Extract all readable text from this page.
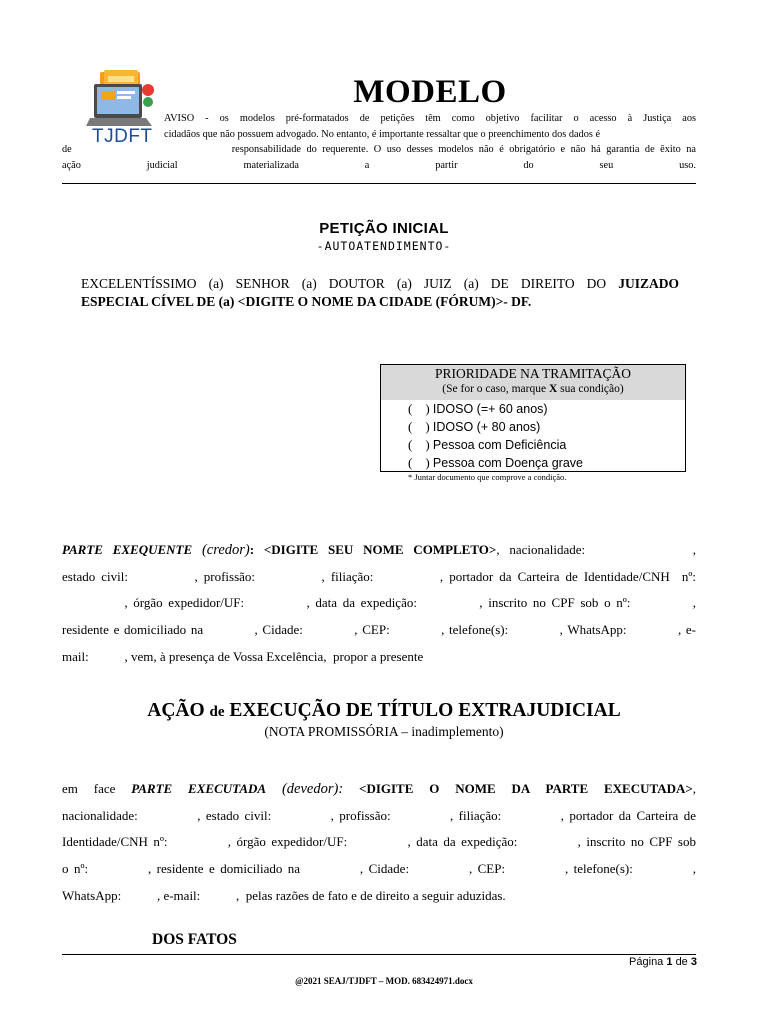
TJDFT
MODELO
AVISO - os modelos pré-formatados de petições têm como objetivo facilitar o acesso à Justiça aos
cidadãos que não possuem advogado. No entanto, é importante ressaltar que o preenchimento dos dados é
de                             responsabilidade do requerente. O uso desses modelos não é obrigatório e não há garantia de êxito na
ação judicial materializada a partir do seu uso.
PETIÇÃO INICIAL
-AUTOATENDIMENTO-
EXCELENTÍSSIMO (a) SENHOR (a) DOUTOR (a) JUIZ (a) DE DIREITO DO JUIZADO
ESPECIAL CÍVEL DE (a) <DIGITE O NOME DA CIDADE (FÓRUM)>- DF.
PRIORIDADE NA TRAMITAÇÃO
(Se for o caso, marque X sua condição)
(    ) IDOSO (=+ 60 anos)
(    ) IDOSO (+ 80 anos)
(    ) Pessoa com Deficiência
(    ) Pessoa com Doença grave
* Juntar documento que comprove a condição.
PARTE EXEQUENTE (credor): <DIGITE SEU NOME COMPLETO>, nacionalidade:           ,
estado civil:           , profissão:           , filiação:           , portador da Carteira de Identidade/CNH  nº:
, órgão expedidor/UF:           , data da expedição:           , inscrito no CPF sob o nº:           ,
residente e domiciliado na           , Cidade:           , CEP:           , telefone(s):           , WhatsApp:           , e-
mail:           , vem, à presença de Vossa Excelência,  propor a presente
AÇÃO de EXECUÇÃO DE TÍTULO EXTRAJUDICIAL
(NOTA PROMISSÓRIA – inadimplemento)
em face PARTE EXECUTADA (devedor): <DIGITE O NOME DA PARTE EXECUTADA>,
nacionalidade:           , estado civil:           , profissão:           , filiação:           , portador da Carteira de
Identidade/CNH nº:           , órgão expedidor/UF:           , data da expedição:           , inscrito no CPF sob
o nº:           , residente e domiciliado na           , Cidade:           , CEP:           , telefone(s):           ,
WhatsApp:           , e-mail:           ,  pelas razões de fato e de direito a seguir aduzidas.
DOS FATOS
Página 1 de 3
@2021 SEAJ/TJDFT – MOD. 683424971.docx
